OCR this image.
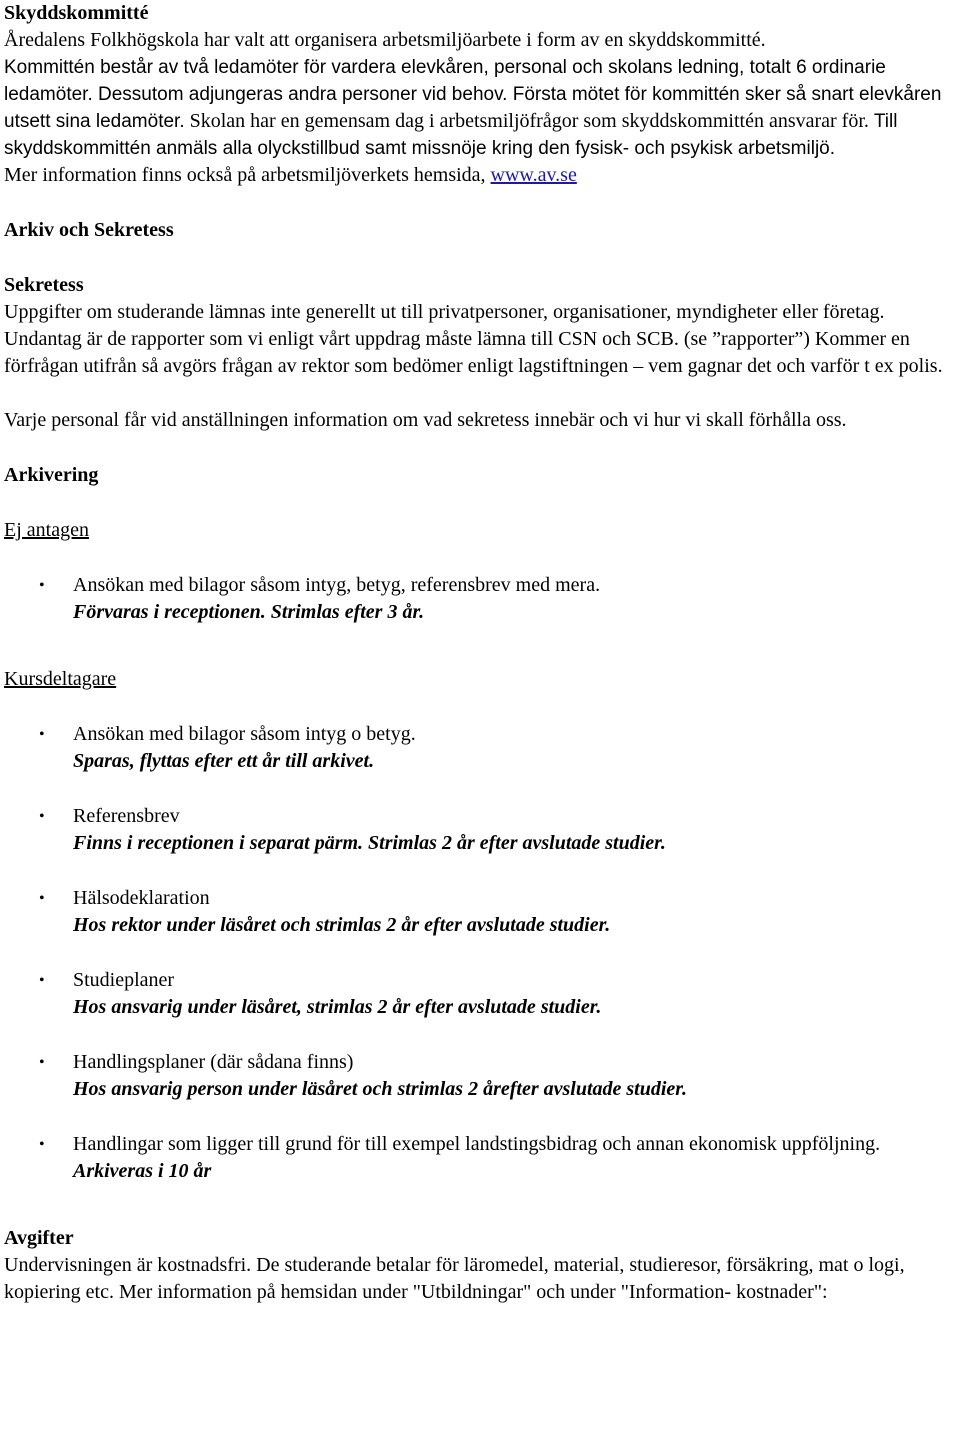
Skyddskommitté

Åredalens Folkhögskola har valt att organisera arbetsmiljöarbete i form av en skyddskommitté.
Kommittén består av två ledamöter för vardera elevkåren, personal och skolans ledning, totalt 6 ordinarie ledamöter. Dessutom adjungeras andra personer vid behov. Första mötet för kommittén sker så snart elevkåren utsett sina ledamöter. Skolan har en gemensam dag i arbetsmiljöfrågor som skyddskommittén ansvarar för. Till skyddskommittén anmäls alla olyckstillbud samt missnöje kring den fysisk- och psykisk arbetsmiljö.
Mer information finns också på arbetsmiljöverkets hemsida, www.av.se

Arkiv och Sekretess

Sekretess

Uppgifter om studerande lämnas inte generellt ut till privatpersoner, organisationer, myndigheter eller företag. Undantag är de rapporter som vi enligt vårt uppdrag måste lämna till CSN och SCB. (se ”rapporter”) Kommer en förfrågan utifrån så avgörs frågan av rektor som bedömer enligt lagstiftningen – vem gagnar det och varför t ex polis.

Varje personal får vid anställningen information om vad sekretess innebär och vi hur vi skall förhålla oss.

Arkivering

Ej antagen

• Ansökan med bilagor såsom intyg, betyg, referensbrev med mera.
Förvaras i receptionen. Strimlas efter 3 år.

Kursdeltagare

• Ansökan med bilagor såsom intyg o betyg.
Sparas, flyttas efter ett år till arkivet.
• Referensbrev
Finns i receptionen i separat pärm. Strimlas 2 år efter avslutade studier.
• Hälsodeklaration
Hos rektor under läsåret och strimlas 2 år efter avslutade studier.
• Studieplaner
Hos ansvarig under läsåret, strimlas 2 år efter avslutade studier.
• Handlingsplaner (där sådana finns)
Hos ansvarig person under läsåret och strimlas 2 årefter avslutade studier.
• Handlingar som ligger till grund för till exempel landstingsbidrag och annan ekonomisk uppföljning.
Arkiveras i 10 år

Avgifter

Undervisningen är kostnadsfri. De studerande betalar för läromedel, material, studieresor, försäkring, mat o logi, kopiering etc. Mer information på hemsidan under "Utbildningar" och under "Information- kostnader":
